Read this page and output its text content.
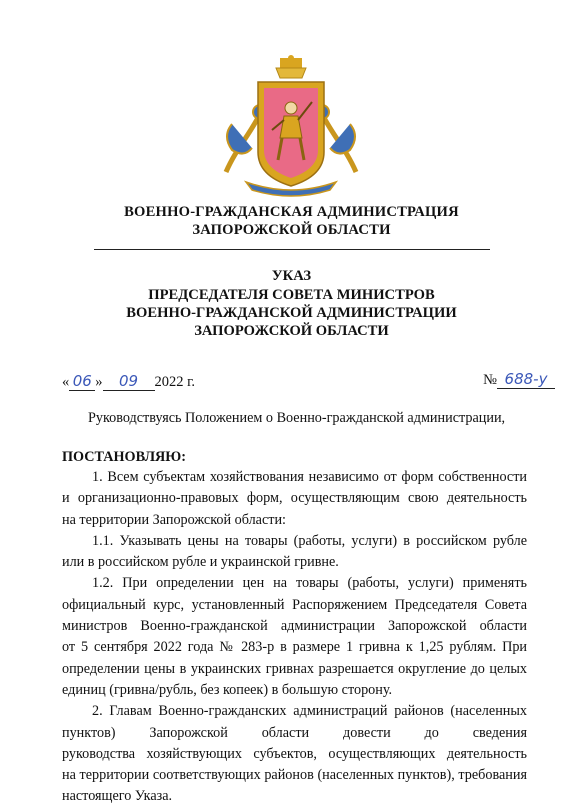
ВОЕННО-ГРАЖДАНСКАЯ АДМИНИСТРАЦИЯ
ЗАПОРОЖСКОЙ ОБЛАСТИ
УКАЗ
ПРЕДСЕДАТЕЛЯ СОВЕТА МИНИСТРОВ
ВОЕННО-ГРАЖДАНСКОЙ АДМИНИСТРАЦИИ
ЗАПОРОЖСКОЙ ОБЛАСТИ
« 06 » 09 2022 г.	№ 688-у
Руководствуясь Положением о Военно-гражданской администрации,
ПОСТАНОВЛЯЮ:
1. Всем субъектам хозяйствования независимо от форм собственности
и организационно-правовых форм, осуществляющим свою деятельность
на территории Запорожской области:
1.1. Указывать цены на товары (работы, услуги) в российском рубле
или в российском рубле и украинской гривне.
1.2. При определении цен на товары (работы, услуги) применять
официальный курс, установленный Распоряжением Председателя Совета
министров Военно-гражданской администрации Запорожской области
от 5 сентября 2022 года № 283-р в размере 1 гривна к 1,25 рублям. При
определении цены в украинских гривнах разрешается округление до целых
единиц (гривна/рубль, без копеек) в большую сторону.
2. Главам Военно-гражданских администраций районов (населенных
пунктов) Запорожской области довести до сведения
руководства хозяйствующих субъектов, осуществляющих деятельность
на территории соответствующих районов (населенных пунктов), требования
настоящего Указа.
